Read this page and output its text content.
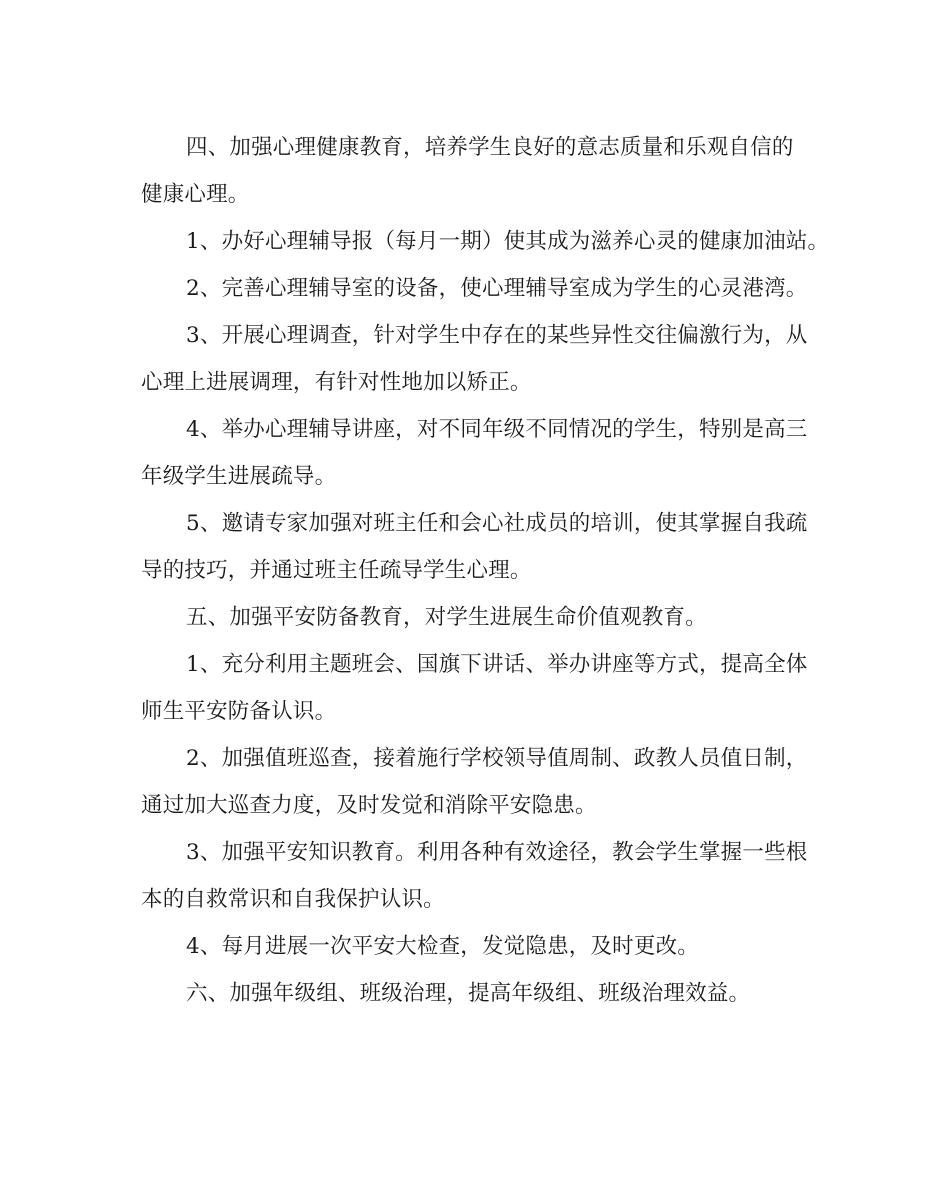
四、加强心理健康教育，培养学生良好的意志质量和乐观自信的
健康心理。
1、办好心理辅导报（每月一期）使其成为滋养心灵的健康加油站。
2、完善心理辅导室的设备，使心理辅导室成为学生的心灵港湾。
3、开展心理调查，针对学生中存在的某些异性交往偏激行为，从
心理上进展调理，有针对性地加以矫正。
4、举办心理辅导讲座，对不同年级不同情况的学生，特别是高三
年级学生进展疏导。
5、邀请专家加强对班主任和会心社成员的培训，使其掌握自我疏
导的技巧，并通过班主任疏导学生心理。
五、加强平安防备教育，对学生进展生命价值观教育。
1、充分利用主题班会、国旗下讲话、举办讲座等方式，提高全体
师生平安防备认识。
2、加强值班巡查，接着施行学校领导值周制、政教人员值日制，
通过加大巡查力度，及时发觉和消除平安隐患。
3、加强平安知识教育。利用各种有效途径，教会学生掌握一些根
本的自救常识和自我保护认识。
4、每月进展一次平安大检查，发觉隐患，及时更改。
六、加强年级组、班级治理，提高年级组、班级治理效益。
